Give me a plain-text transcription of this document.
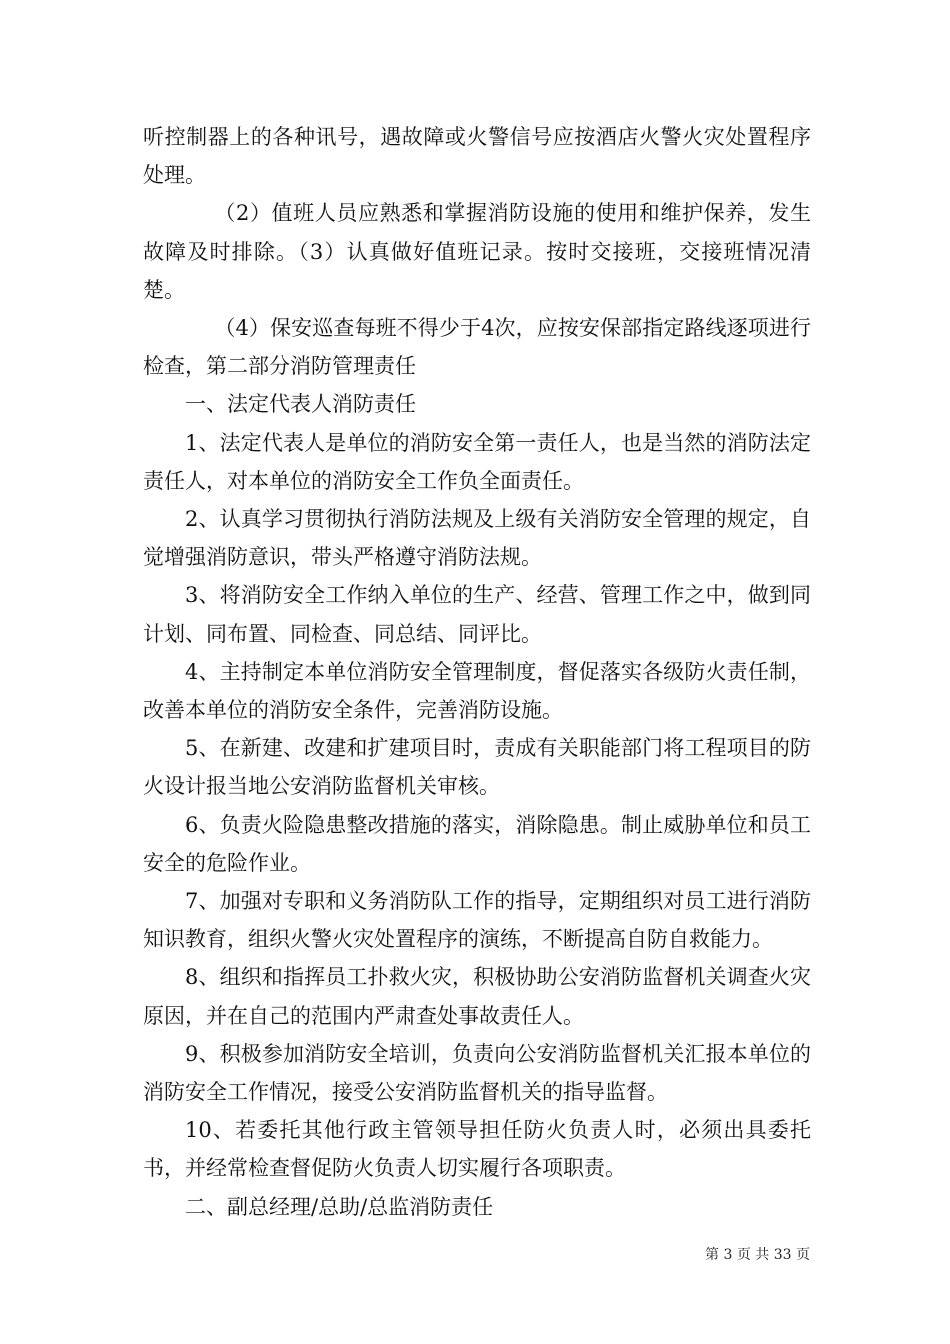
听控制器上的各种讯号，遇故障或火警信号应按酒店火警火灾处置程序处理。

（2）值班人员应熟悉和掌握消防设施的使用和维护保养，发生故障及时排除。（3）认真做好值班记录。按时交接班，交接班情况清楚。

（4）保安巡查每班不得少于4次，应按安保部指定路线逐项进行检查，第二部分消防管理责任

一、法定代表人消防责任

1、法定代表人是单位的消防安全第一责任人，也是当然的消防法定责任人，对本单位的消防安全工作负全面责任。

2、认真学习贯彻执行消防法规及上级有关消防安全管理的规定，自觉增强消防意识，带头严格遵守消防法规。

3、将消防安全工作纳入单位的生产、经营、管理工作之中，做到同计划、同布置、同检查、同总结、同评比。

4、主持制定本单位消防安全管理制度，督促落实各级防火责任制，改善本单位的消防安全条件，完善消防设施。

5、在新建、改建和扩建项目时，责成有关职能部门将工程项目的防火设计报当地公安消防监督机关审核。

6、负责火险隐患整改措施的落实，消除隐患。制止威胁单位和员工安全的危险作业。

7、加强对专职和义务消防队工作的指导，定期组织对员工进行消防知识教育，组织火警火灾处置程序的演练，不断提高自防自救能力。

8、组织和指挥员工扑救火灾，积极协助公安消防监督机关调查火灾原因，并在自己的范围内严肃查处事故责任人。

9、积极参加消防安全培训，负责向公安消防监督机关汇报本单位的消防安全工作情况，接受公安消防监督机关的指导监督。

10、若委托其他行政主管领导担任防火负责人时，必须出具委托书，并经常检查督促防火负责人切实履行各项职责。

二、副总经理/总助/总监消防责任

第 3 页 共 33 页
